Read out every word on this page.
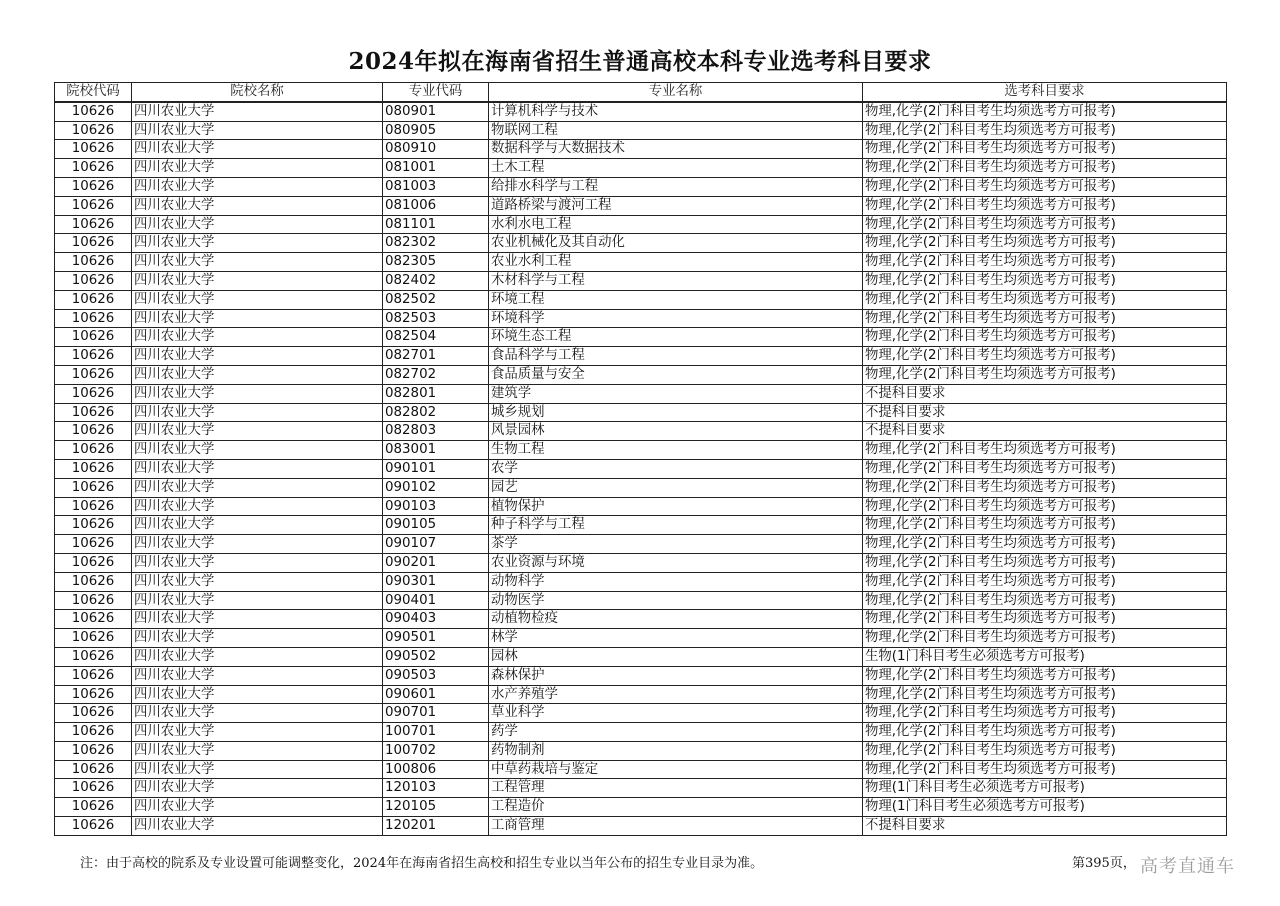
2024年拟在海南省招生普通高校本科专业选考科目要求
院校代码	院校名称	专业代码	专业名称	选考科目要求
10626	四川农业大学	080901	计算机科学与技术	物理,化学(2门科目考生均须选考方可报考)
10626	四川农业大学	080905	物联网工程	物理,化学(2门科目考生均须选考方可报考)
10626	四川农业大学	080910	数据科学与大数据技术	物理,化学(2门科目考生均须选考方可报考)
10626	四川农业大学	081001	土木工程	物理,化学(2门科目考生均须选考方可报考)
10626	四川农业大学	081003	给排水科学与工程	物理,化学(2门科目考生均须选考方可报考)
10626	四川农业大学	081006	道路桥梁与渡河工程	物理,化学(2门科目考生均须选考方可报考)
10626	四川农业大学	081101	水利水电工程	物理,化学(2门科目考生均须选考方可报考)
10626	四川农业大学	082302	农业机械化及其自动化	物理,化学(2门科目考生均须选考方可报考)
10626	四川农业大学	082305	农业水利工程	物理,化学(2门科目考生均须选考方可报考)
10626	四川农业大学	082402	木材科学与工程	物理,化学(2门科目考生均须选考方可报考)
10626	四川农业大学	082502	环境工程	物理,化学(2门科目考生均须选考方可报考)
10626	四川农业大学	082503	环境科学	物理,化学(2门科目考生均须选考方可报考)
10626	四川农业大学	082504	环境生态工程	物理,化学(2门科目考生均须选考方可报考)
10626	四川农业大学	082701	食品科学与工程	物理,化学(2门科目考生均须选考方可报考)
10626	四川农业大学	082702	食品质量与安全	物理,化学(2门科目考生均须选考方可报考)
10626	四川农业大学	082801	建筑学	不提科目要求
10626	四川农业大学	082802	城乡规划	不提科目要求
10626	四川农业大学	082803	风景园林	不提科目要求
10626	四川农业大学	083001	生物工程	物理,化学(2门科目考生均须选考方可报考)
10626	四川农业大学	090101	农学	物理,化学(2门科目考生均须选考方可报考)
10626	四川农业大学	090102	园艺	物理,化学(2门科目考生均须选考方可报考)
10626	四川农业大学	090103	植物保护	物理,化学(2门科目考生均须选考方可报考)
10626	四川农业大学	090105	种子科学与工程	物理,化学(2门科目考生均须选考方可报考)
10626	四川农业大学	090107	茶学	物理,化学(2门科目考生均须选考方可报考)
10626	四川农业大学	090201	农业资源与环境	物理,化学(2门科目考生均须选考方可报考)
10626	四川农业大学	090301	动物科学	物理,化学(2门科目考生均须选考方可报考)
10626	四川农业大学	090401	动物医学	物理,化学(2门科目考生均须选考方可报考)
10626	四川农业大学	090403	动植物检疫	物理,化学(2门科目考生均须选考方可报考)
10626	四川农业大学	090501	林学	物理,化学(2门科目考生均须选考方可报考)
10626	四川农业大学	090502	园林	生物(1门科目考生必须选考方可报考)
10626	四川农业大学	090503	森林保护	物理,化学(2门科目考生均须选考方可报考)
10626	四川农业大学	090601	水产养殖学	物理,化学(2门科目考生均须选考方可报考)
10626	四川农业大学	090701	草业科学	物理,化学(2门科目考生均须选考方可报考)
10626	四川农业大学	100701	药学	物理,化学(2门科目考生均须选考方可报考)
10626	四川农业大学	100702	药物制剂	物理,化学(2门科目考生均须选考方可报考)
10626	四川农业大学	100806	中草药栽培与鉴定	物理,化学(2门科目考生均须选考方可报考)
10626	四川农业大学	120103	工程管理	物理(1门科目考生必须选考方可报考)
10626	四川农业大学	120105	工程造价	物理(1门科目考生必须选考方可报考)
10626	四川农业大学	120201	工商管理	不提科目要求
注：由于高校的院系及专业设置可能调整变化，2024年在海南省招生高校和招生专业以当年公布的招生专业目录为准。	第395页， 高考直通车
